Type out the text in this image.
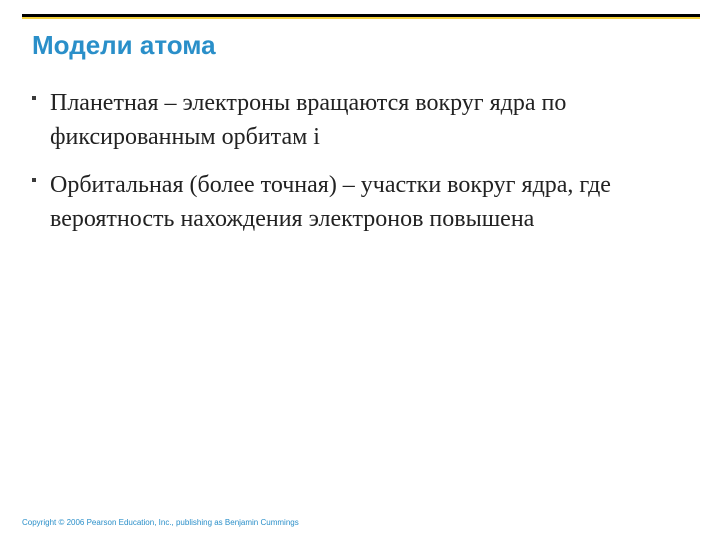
Модели атома
Планетная – электроны вращаются вокруг ядра по фиксированным орбитам i
Орбитальная (более точная) – участки вокруг ядра, где вероятность нахождения электронов повышена
Copyright © 2006 Pearson Education, Inc., publishing as Benjamin Cummings
